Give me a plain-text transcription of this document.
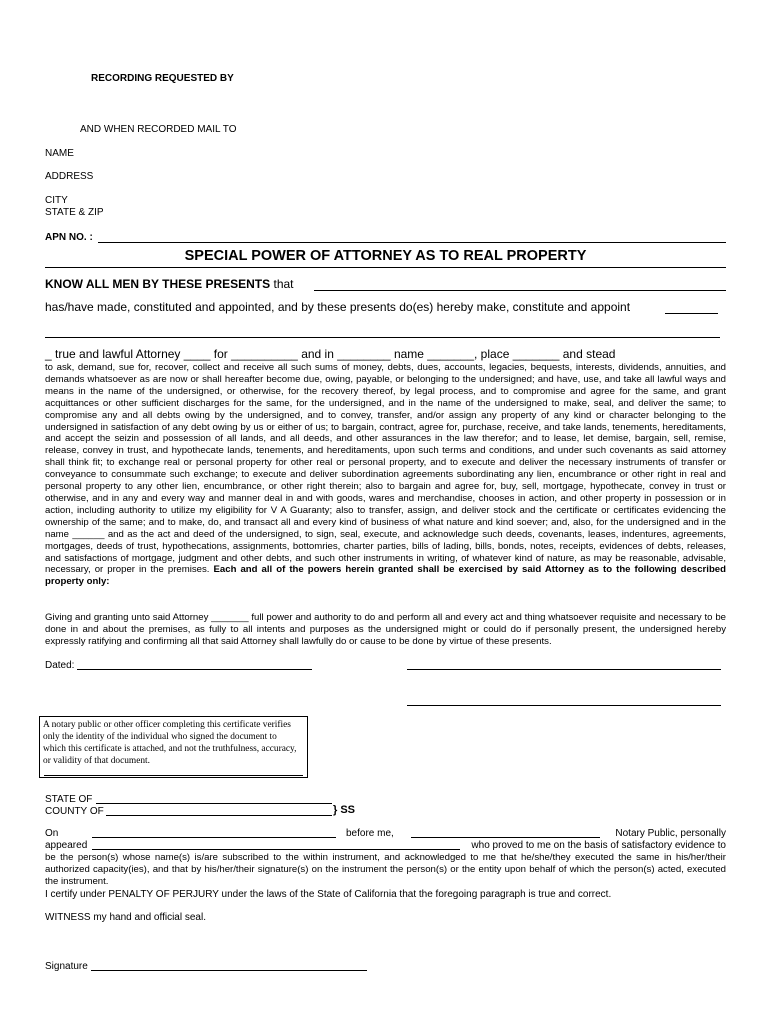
RECORDING REQUESTED BY
AND WHEN RECORDED MAIL TO
NAME
ADDRESS
CITY
STATE & ZIP
APN NO. :
SPECIAL POWER OF ATTORNEY AS TO REAL PROPERTY
KNOW ALL MEN BY THESE PRESENTS that
has/have made, constituted and appointed, and by these presents do(es) hereby make, constitute and appoint
_ true and lawful Attorney ____ for __________ and in ________ name _______, place _______ and stead
to ask, demand, sue for, recover, collect and receive all such sums of money, debts, dues, accounts, legacies, bequests, interests, dividends, annuities, and demands whatsoever as are now or shall hereafter become due, owing, payable, or belonging to the undersigned; and have, use, and take all lawful ways and means in the name of the undersigned, or otherwise, for the recovery thereof, by legal process, and to compromise and agree for the same, and grant acquittances or other sufficient discharges for the same, for the undersigned, and in the name of the undersigned to make, seal, and deliver the same; to compromise any and all debts owing by the undersigned, and to convey, transfer, and/or assign any property of any kind or character belonging to the undersigned in satisfaction of any debt owing by us or either of us; to bargain, contract, agree for, purchase, receive, and take lands, tenements, hereditaments, and accept the seizin and possession of all lands, and all deeds, and other assurances in the law therefor; and to lease, let demise, bargain, sell, remise, release, convey in trust, and hypothecate lands, tenements, and hereditaments, upon such terms and conditions, and under such covenants as said attorney shall think fit; to exchange real or personal property for other real or personal property, and to execute and deliver the necessary instruments of transfer or conveyance to consummate such exchange; to execute and deliver subordination agreements subordinating any lien, encumbrance or other right in real and personal property to any other lien, encumbrance, or other right therein; also to bargain and agree for, buy, sell, mortgage, hypothecate, convey in trust or otherwise, and in any and every way and manner deal in and with goods, wares and merchandise, chooses in action, and other property in possession or in action, including authority to utilize my eligibility for V A Guaranty; also to transfer, assign, and deliver stock and the certificate or certificates evidencing the ownership of the same; and to make, do, and transact all and every kind of business of what nature and kind soever; and, also, for the undersigned and in the name ______ and as the act and deed of the undersigned, to sign, seal, execute, and acknowledge such deeds, covenants, leases, indentures, agreements, mortgages, deeds of trust, hypothecations, assignments, bottomries, charter parties, bills of lading, bills, bonds, notes, receipts, evidences of debts, releases, and satisfactions of mortgage, judgment and other debts, and such other instruments in writing, of whatever kind of nature, as may be reasonable, advisable, necessary, or proper in the premises. Each and all of the powers herein granted shall be exercised by said Attorney as to the following described property only:
Giving and granting unto said Attorney _______ full power and authority to do and perform all and every act and thing whatsoever requisite and necessary to be done in and about the premises, as fully to all intents and purposes as the undersigned might or could do if personally present, the undersigned hereby expressly ratifying and confirming all that said Attorney shall lawfully do or cause to be done by virtue of these presents.
Dated:
A notary public or other officer completing this certificate verifies only the identity of the individual who signed the document to which this certificate is attached, and not the truthfulness, accuracy, or validity of that document.
STATE OF
COUNTY OF	} SS
On	before me,	Notary Public, personally
appeared	who proved to me on the basis of satisfactory evidence to
be the person(s) whose name(s) is/are subscribed to the within instrument, and acknowledged to me that he/she/they executed the same in his/her/their authorized capacity(ies), and that by his/her/their signature(s) on the instrument the person(s) or the entity upon behalf of which the person(s) acted, executed the instrument.
I certify under PENALTY OF PERJURY under the laws of the State of California that the foregoing paragraph is true and correct.
WITNESS my hand and official seal.
Signature
